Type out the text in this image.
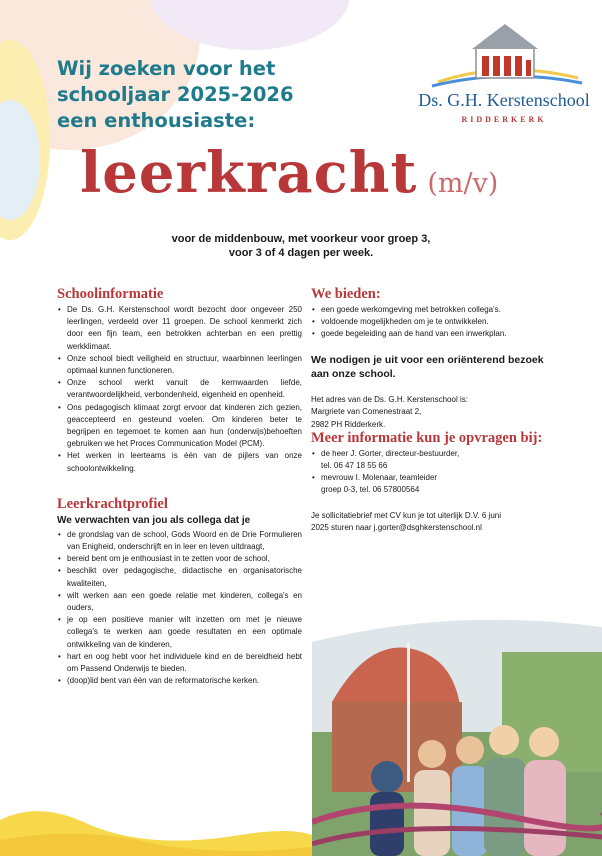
Wij zoeken voor het
schooljaar 2025-2026
een enthousiaste:
Ds. G.H. Kerstenschool
RIDDERKERK
leerkracht (m/v)
voor de middenbouw, met voorkeur voor groep 3,
voor 3 of 4 dagen per week.
Schoolinformatie
• De Ds. G.H. Kerstenschool wordt bezocht door ongeveer 250 leerlingen, verdeeld over 11 groepen. De school kenmerkt zich door een fijn team, een betrokken achterban en een prettig werkklimaat.
• Onze school biedt veiligheid en structuur, waarbinnen leerlingen optimaal kunnen functioneren.
• Onze school werkt vanuit de kernwaarden liefde, verantwoordelijkheid, verbondenheid, eigenheid en openheid.
• Ons pedagogisch klimaat zorgt ervoor dat kinderen zich gezien, geaccepteerd en gesteund voelen. Om kinderen beter te begrijpen en tegemoet te komen aan hun (onderwijs)behoeften gebruiken we het Proces Communication Model (PCM).
• Het werken in leerteams is één van de pijlers van onze schoolontwikkeling.
Leerkrachtprofiel
We verwachten van jou als collega dat je
• de grondslag van de school, Gods Woord en de Drie Formulieren van Enigheid, onderschrijft en in leer en leven uitdraagt,
• bereid bent om je enthousiast in te zetten voor de school,
• beschikt over pedagogische, didactische en organisatorische kwaliteiten,
• wilt werken aan een goede relatie met kinderen, collega's en ouders,
• je op een positieve manier wilt inzetten om met je nieuwe collega's te werken aan goede resultaten en een optimale ontwikkeling van de kinderen,
• hart en oog hebt voor het individuele kind en de bereidheid hebt om Passend Onderwijs te bieden.
• (doop)lid bent van één van de reformatorische kerken.
We bieden:
• een goede werkomgeving met betrokken collega's.
• voldoende mogelijkheden om je te ontwikkelen.
• goede begeleiding aan de hand van een inwerkplan.
We nodigen je uit voor een oriënterend bezoek aan onze school.
Het adres van de Ds. G.H. Kerstenschool is:
Margriete van Comenestraat 2,
2982 PH Ridderkerk.
Meer informatie kun je opvragen bij:
• de heer J. Gorter, directeur-bestuurder,
tel. 06 47 18 55 66
• mevrouw I. Molenaar, teamleider
groep 0-3, tel. 06 57800564
Je sollicitatiebrief met CV kun je tot uiterlijk D.V. 6 juni
2025 sturen naar j.gorter@dsghkerstenschool.nl
